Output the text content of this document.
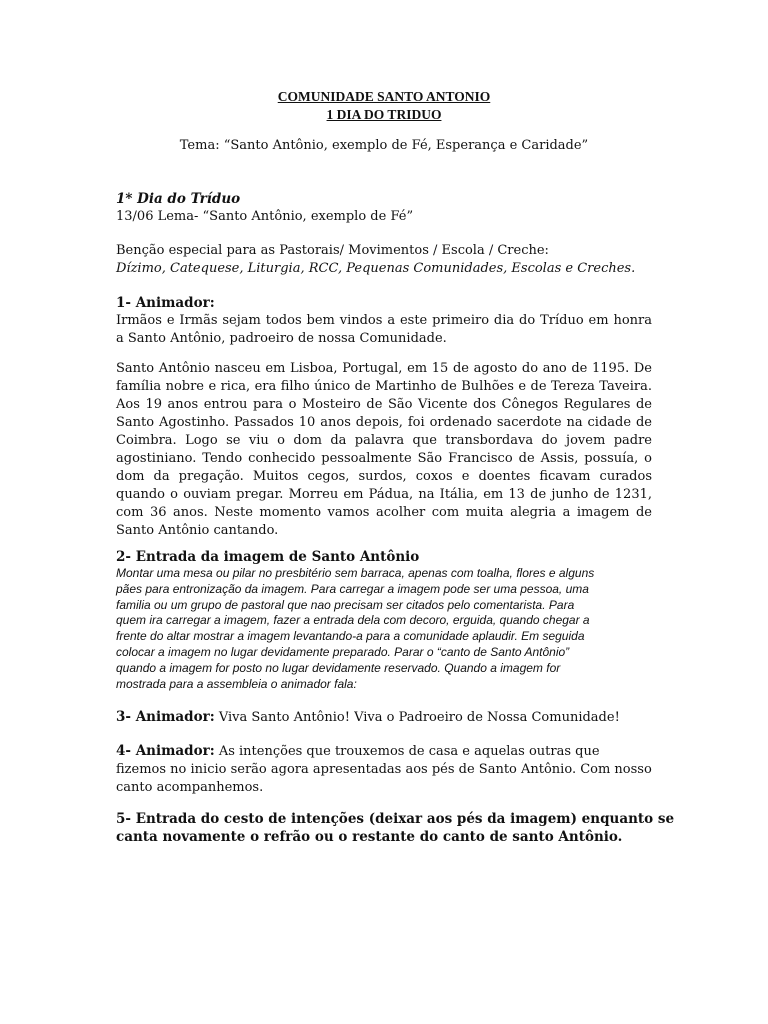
COMUNIDADE SANTO ANTONIO
1 DIA DO TRIDUO
Tema: “Santo Antônio, exemplo de Fé, Esperança e Caridade”
1* Dia do Tríduo
13/06 Lema- “Santo Antônio, exemplo de Fé”
Benção especial para as Pastorais/ Movimentos / Escola / Creche:
Dízimo, Catequese, Liturgia, RCC, Pequenas Comunidades, Escolas e Creches.
1- Animador:

Irmãos e Irmãs sejam todos bem vindos a este primeiro dia do Tríduo em honra a Santo Antônio, padroeiro de nossa Comunidade.

Santo Antônio nasceu em Lisboa, Portugal, em 15 de agosto do ano de 1195. De família nobre e rica, era filho único de Martinho de Bulhões e de Tereza Taveira. Aos 19 anos entrou para o Mosteiro de São Vicente dos Cônegos Regulares de Santo Agostinho. Passados 10 anos depois, foi ordenado sacerdote na cidade de Coimbra. Logo se viu o dom da palavra que transbordava do jovem padre agostiniano. Tendo conhecido pessoalmente São Francisco de Assis, possuía, o dom da pregação. Muitos cegos, surdos, coxos e doentes ficavam curados quando o ouviam pregar. Morreu em Pádua, na Itália, em 13 de junho de 1231, com 36 anos. Neste momento vamos acolher com muita alegria a imagem de Santo Antônio cantando.
2- Entrada da imagem de Santo Antônio
Montar uma mesa ou pilar no presbitério sem barraca, apenas com toalha, flores e alguns
pães para entronização da imagem. Para carregar a imagem pode ser uma pessoa, uma
familia ou um grupo de pastoral que nao precisam ser citados pelo comentarista. Para
quem ira carregar a imagem, fazer a entrada dela com decoro, erguida, quando chegar a
frente do altar mostrar a imagem levantando-a para a comunidade aplaudir. Em seguida
colocar a imagem no lugar devidamente preparado. Parar o “canto de Santo Antônio”
quando a imagem for posto no lugar devidamente reservado. Quando a imagem for
mostrada para a assembleia o animador fala:
3- Animador: Viva Santo Antônio! Viva o Padroeiro de Nossa Comunidade!
4- Animador: As intenções que trouxemos de casa e aquelas outras que fizemos no inicio serão agora apresentadas aos pés de Santo Antônio. Com nosso canto acompanhemos.
5- Entrada do cesto de intenções (deixar aos pés da imagem) enquanto se
canta novamente o refrão ou o restante do canto de santo Antônio.
